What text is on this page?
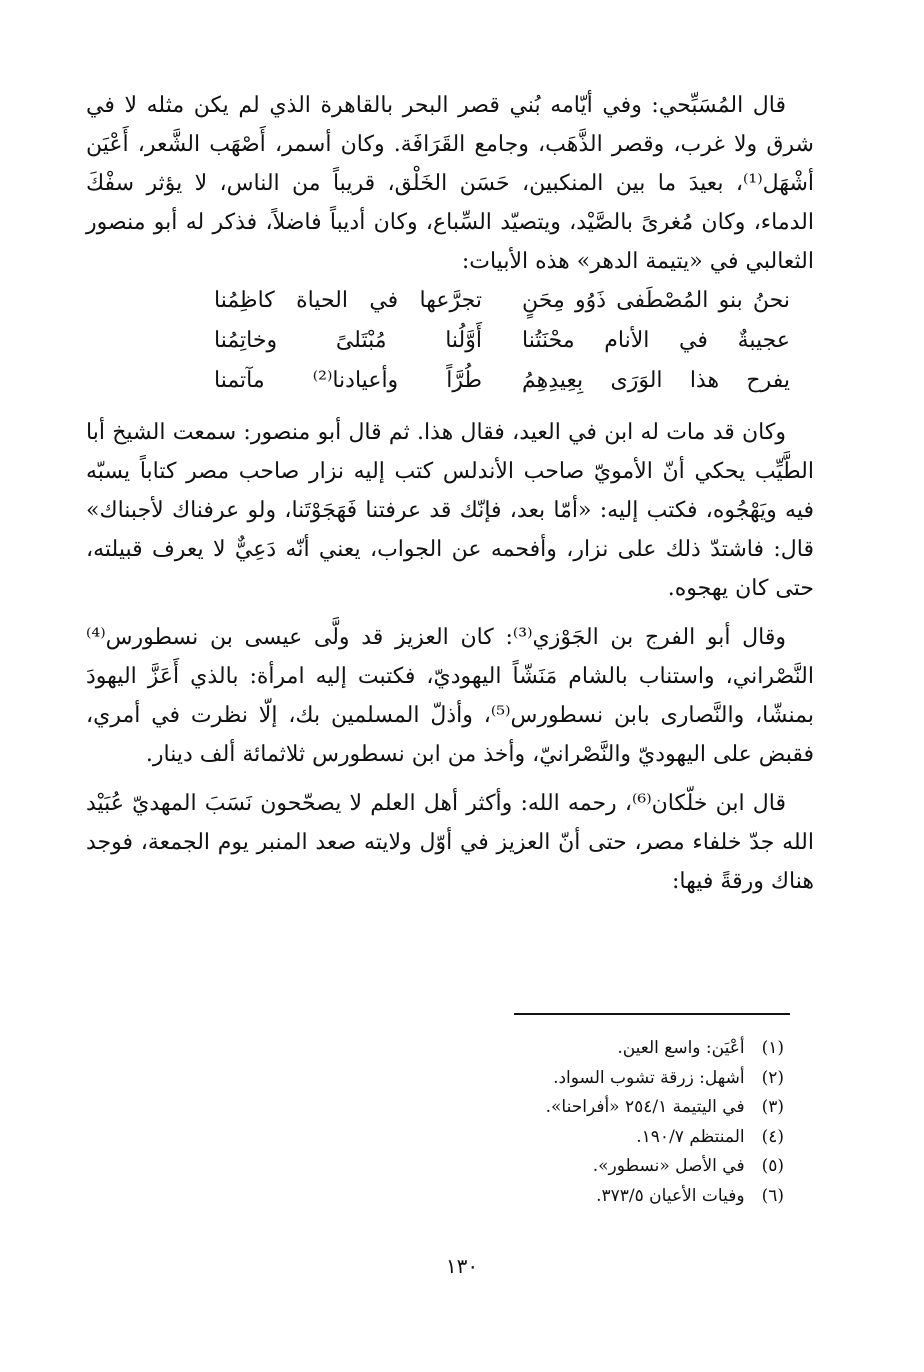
قال المُسَبِّحي: وفي أيّامه بُني قصر البحر بالقاهرة الذي لم يكن مثله لا في شرق ولا غرب، وقصر الذَّهَب، وجامع القَرَافَة. وكان أسمر، أَصْهَب الشَّعر، أَعْيَن أشْهَل⁽¹⁾، بعيدَ ما بين المنكبين، حَسَن الخَلْق، قريباً من الناس، لا يؤثر سفْكَ الدماء، وكان مُغرىً بالصَّيْد، ويتصيّد السِّباع، وكان أديباً فاضلاً، فذكر له أبو منصور الثعالبي في «يتيمة الدهر» هذه الأبيات:

نحنُ بنو المُصْطَفى ذَوُو مِحَنٍ
تجرَّعها في الحياة كاظِمُنا
عجيبةٌ في الأنام محْنَتُنا
أَوَّلُنا مُبْتَلىً وخاتِمُنا
يفرح هذا الوَرَى بِعِيدِهِمُ
طُرَّاً وأعيادنا⁽²⁾ مآتمنا

وكان قد مات له ابن في العيد، فقال هذا. ثم قال أبو منصور: سمعت الشيخ أبا الطَّيِّب يحكي أنّ الأمويّ صاحب الأندلس كتب إليه نزار صاحب مصر كتاباً يسبّه فيه ويَهْجُوه، فكتب إليه: «أمّا بعد، فإنّك قد عرفتنا فَهَجَوْتَنا، ولو عرفناك لأجبناك» قال: فاشتدّ ذلك على نزار، وأفحمه عن الجواب، يعني أنّه دَعِيٌّ لا يعرف قبيلته، حتى كان يهجوه.

وقال أبو الفرج بن الجَوْزي⁽³⁾: كان العزيز قد ولَّى عيسى بن نسطورس⁽⁴⁾ النَّصْراني، واستناب بالشام مَنَشّاً اليهوديّ، فكتبت إليه امرأة: بالذي أَعَزَّ اليهودَ بمنشّا، والنَّصارى بابن نسطورس⁽⁵⁾، وأذلّ المسلمين بك، إلّا نظرت في أمري، فقبض على اليهوديّ والنَّصْرانيّ، وأخذ من ابن نسطورس ثلاثمائة ألف دينار.

قال ابن خلّكان⁽⁶⁾، رحمه الله: وأكثر أهل العلم لا يصحّحون نَسَبَ المهديّ عُبَيْد الله جدّ خلفاء مصر، حتى أنّ العزيز في أوّل ولايته صعد المنبر يوم الجمعة، فوجد هناك ورقةً فيها:

(١) أعْيَن: واسع العين.
(٢) أشهل: زرقة تشوب السواد.
(٣) في اليتيمة ٢٥٤/١ «أفراحنا».
(٤) المنتظم ١٩٠/٧.
(٥) في الأصل «نسطور».
(٦) وفيات الأعيان ٣٧٣/٥.
١٣٠
